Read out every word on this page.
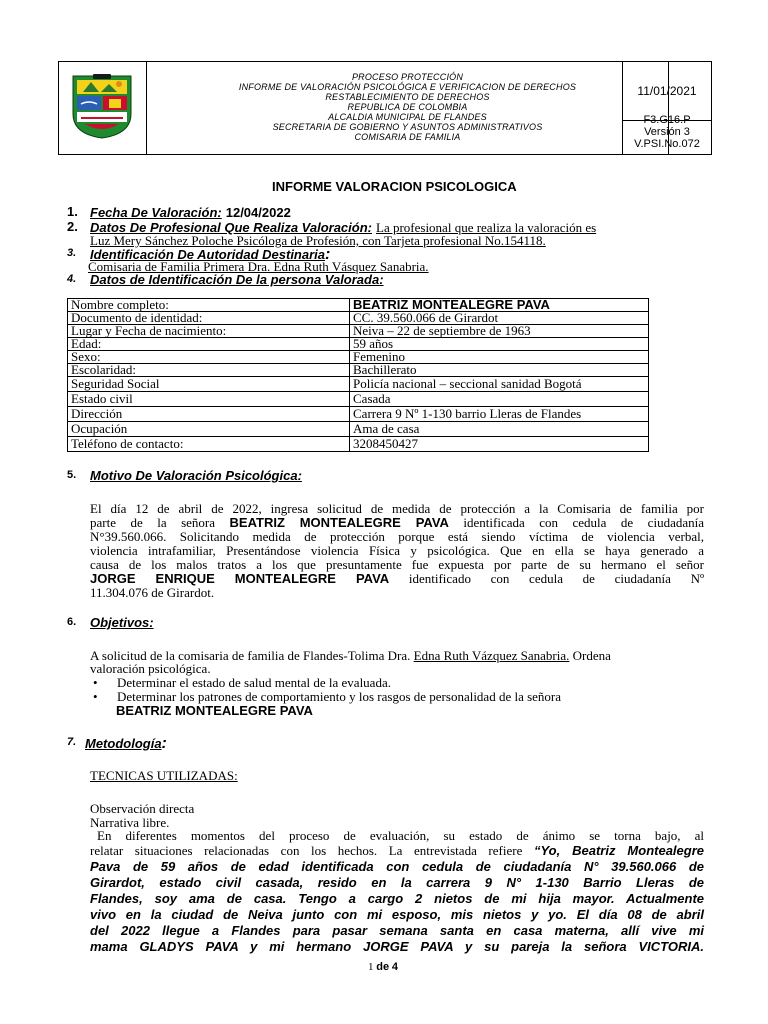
PROCESO PROTECCIÓN
INFORME DE VALORACIÓN PSICOLÓGICA E VERIFICACION DE DERECHOS
RESTABLECIMIENTO DE DERECHOS
REPUBLICA DE COLOMBIA
ALCALDIA MUNICIPAL DE FLANDES
SECRETARIA DE GOBIERNO Y ASUNTOS ADMINISTRATIVOS
COMISARIA DE FAMILIA
11/01/2021
F3.G16.P
Versión 3
V.PSI.No.072
INFORME VALORACION PSICOLOGICA
1. Fecha De Valoración: 12/04/2022
2. Datos De Profesional Que Realiza Valoración: La profesional que realiza la valoración es
Luz Mery Sánchez Poloche Psicóloga de Profesión, con Tarjeta profesional No.154118.
3. Identificación De Autoridad Destinaria:
Comisaria de Familia Primera Dra. Edna Ruth Vásquez Sanabria.
4. Datos de Identificación De la persona Valorada:
Nombre completo:	BEATRIZ MONTEALEGRE PAVA
Documento de identidad:	CC. 39.560.066 de Girardot
Lugar y Fecha de nacimiento:	Neiva – 22 de septiembre de 1963
Edad:	59 años
Sexo:	Femenino
Escolaridad:	Bachillerato
Seguridad Social	Policía nacional – seccional sanidad Bogotá
Estado civil	Casada
Dirección	Carrera 9 Nº 1-130 barrio Lleras de Flandes
Ocupación	Ama de casa
Teléfono de contacto:	3208450427
5. Motivo De Valoración Psicológica:
El día 12 de abril de 2022, ingresa solicitud de medida de protección a la Comisaria de familia por
parte de la señora BEATRIZ MONTEALEGRE PAVA identificada con cedula de ciudadanía
N°39.560.066. Solicitando medida de protección porque está siendo víctima de violencia verbal,
violencia intrafamiliar, Presentándose violencia Física y psicológica. Que en ella se haya generado a
causa de los malos tratos a los que presuntamente fue expuesta por parte de su hermano el señor
JORGE ENRIQUE MONTEALEGRE PAVA identificado con cedula de ciudadanía Nº
11.304.076 de Girardot.
6. Objetivos:
A solicitud de la comisaria de familia de Flandes-Tolima Dra. Edna Ruth Vázquez Sanabria. Ordena
valoración psicológica.
• Determinar el estado de salud mental de la evaluada.
• Determinar los patrones de comportamiento y los rasgos de personalidad de la señora
BEATRIZ MONTEALEGRE PAVA
7. Metodología:
TECNICAS UTILIZADAS:
Observación directa
Narrativa libre.
En diferentes momentos del proceso de evaluación, su estado de ánimo se torna bajo, al
relatar situaciones relacionadas con los hechos. La entrevistada refiere “Yo, Beatriz Montealegre
Pava de 59 años de edad identificada con cedula de ciudadanía N° 39.560.066 de
Girardot, estado civil casada, resido en la carrera 9 N° 1-130 Barrio Lleras de
Flandes, soy ama de casa. Tengo a cargo 2 nietos de mi hija mayor. Actualmente
vivo en la ciudad de Neiva junto con mi esposo, mis nietos y yo. El día 08 de abril
del 2022 llegue a Flandes para pasar semana santa en casa materna, allí vive mi
mama GLADYS PAVA y mi hermano JORGE PAVA y su pareja la señora VICTORIA.
1 de 4
